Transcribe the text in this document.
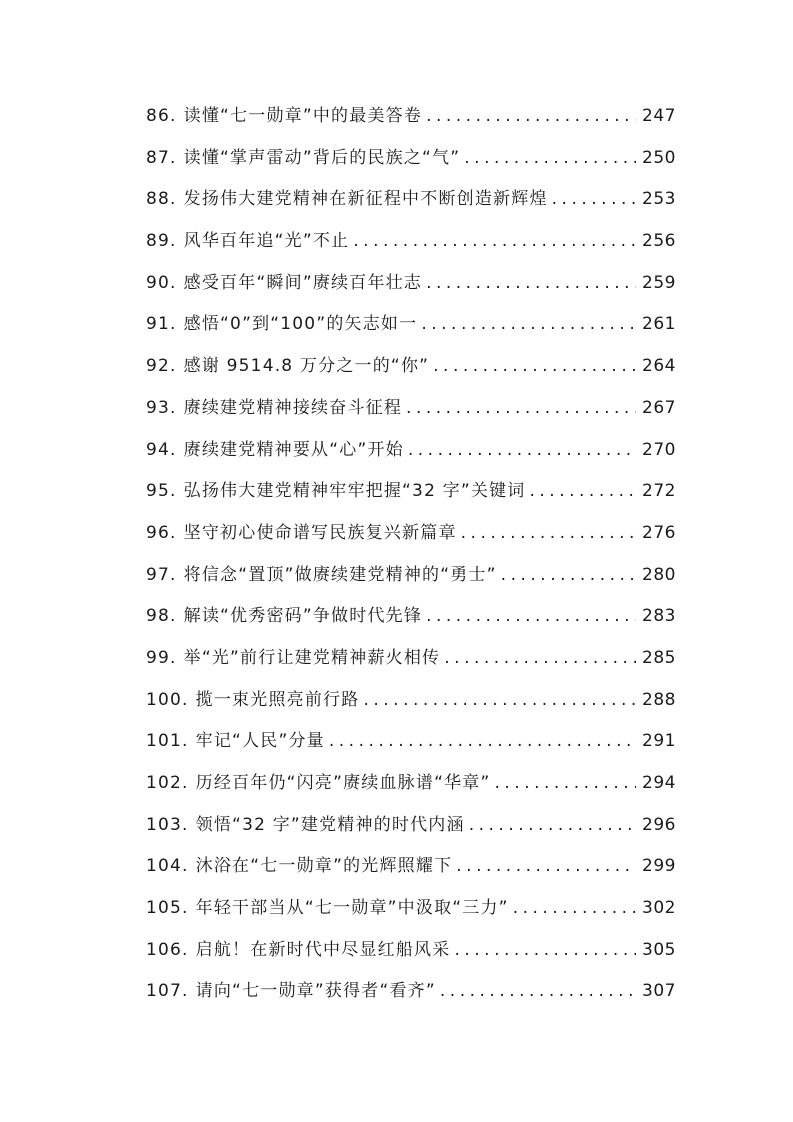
86. 读懂“七一勋章”中的最美答卷 .....	247
87. 读懂“掌声雷动”背后的民族之“气” .....	250
88. 发扬伟大建党精神在新征程中不断创造新辉煌 .....	253
89. 风华百年追“光”不止 .....	256
90. 感受百年“瞬间”赓续百年壮志 .....	259
91. 感悟“0”到“100”的矢志如一 .....	261
92. 感谢 9514.8 万分之一的“你” .....	264
93. 赓续建党精神接续奋斗征程 .....	267
94. 赓续建党精神要从“心”开始 .....	270
95. 弘扬伟大建党精神牢牢把握“32 字”关键词 .....	272
96. 坚守初心使命谱写民族复兴新篇章 .....	276
97. 将信念“置顶”做赓续建党精神的“勇士” .....	280
98. 解读“优秀密码”争做时代先锋 .....	283
99. 举“光”前行让建党精神薪火相传 .....	285
100. 揽一束光照亮前行路 .....	288
101. 牢记“人民”分量 .....	291
102. 历经百年仍“闪亮”赓续血脉谱“华章” .....	294
103. 领悟“32 字”建党精神的时代内涵 .....	296
104. 沐浴在“七一勋章”的光辉照耀下 .....	299
105. 年轻干部当从“七一勋章”中汲取“三力” .....	302
106. 启航！在新时代中尽显红船风采 .....	305
107. 请向“七一勋章”获得者“看齐” .....	307
